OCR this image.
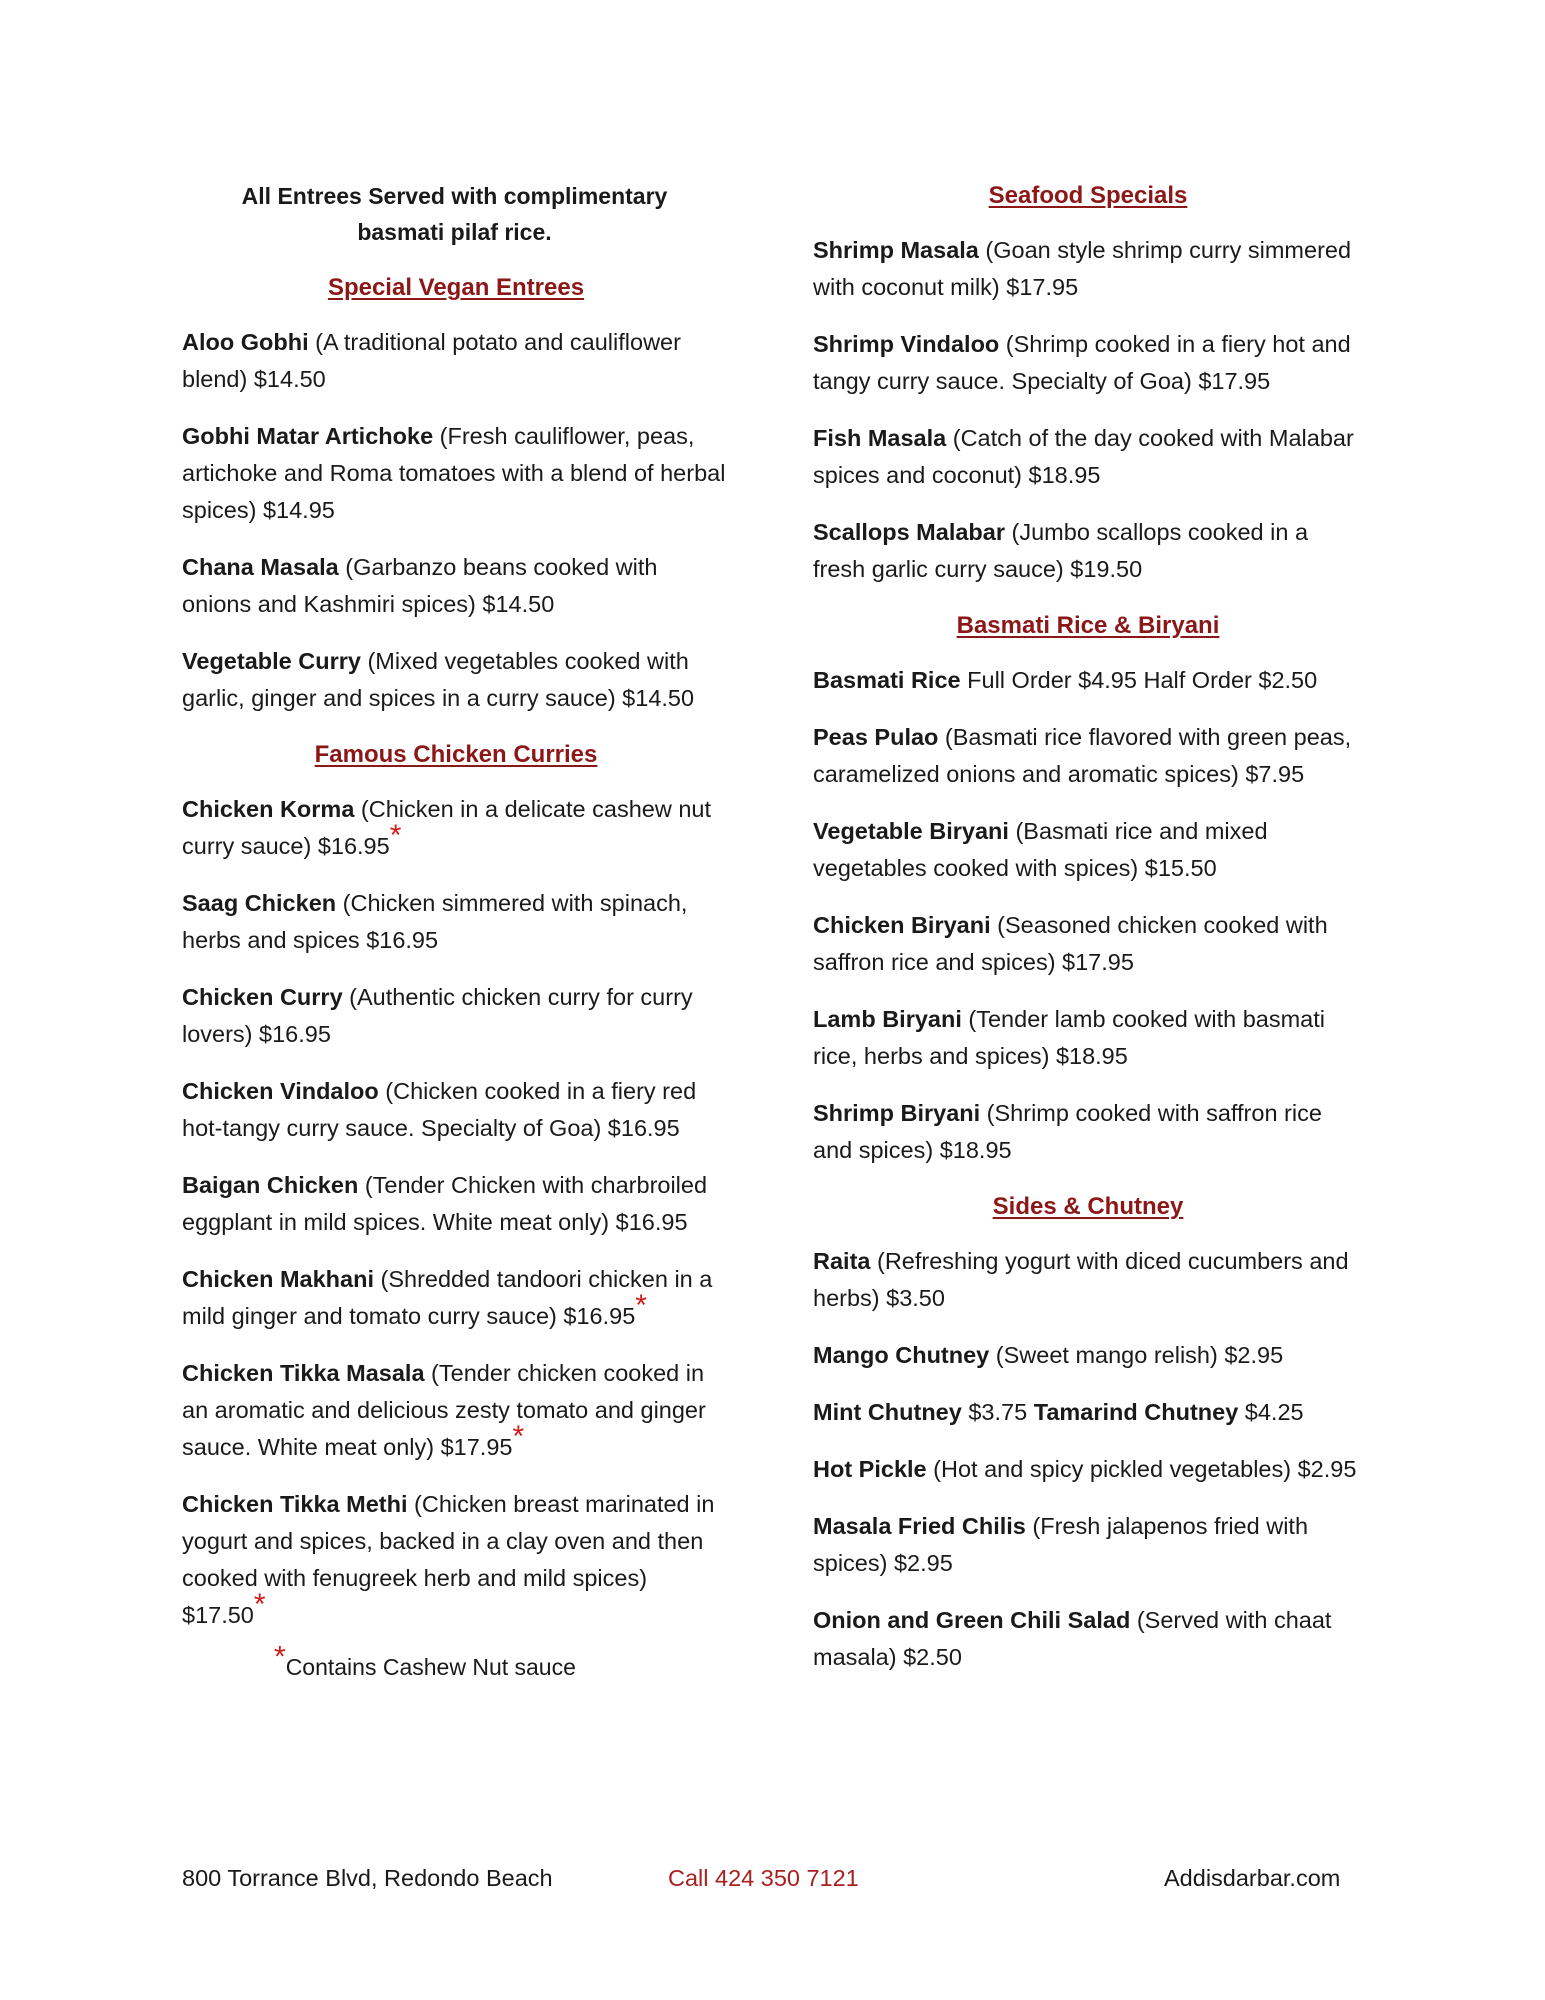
All Entrees Served with complimentary
basmati pilaf rice.
Special Vegan Entrees
Aloo Gobhi (A traditional potato and cauliflower blend) $14.50
Gobhi Matar Artichoke (Fresh cauliflower, peas, artichoke and Roma tomatoes with a blend of herbal spices) $14.95
Chana Masala (Garbanzo beans cooked with onions and Kashmiri spices) $14.50
Vegetable Curry (Mixed vegetables cooked with garlic, ginger and spices in a curry sauce) $14.50
Famous Chicken Curries
Chicken Korma (Chicken in a delicate cashew nut curry sauce) $16.95*
Saag Chicken (Chicken simmered with spinach, herbs and spices $16.95
Chicken Curry (Authentic chicken curry for curry lovers) $16.95
Chicken Vindaloo (Chicken cooked in a fiery red hot-tangy curry sauce. Specialty of Goa) $16.95
Baigan Chicken (Tender Chicken with charbroiled eggplant in mild spices. White meat only) $16.95
Chicken Makhani (Shredded tandoori chicken in a mild ginger and tomato curry sauce) $16.95*
Chicken Tikka Masala (Tender chicken cooked in an aromatic and delicious zesty tomato and ginger sauce. White meat only) $17.95*
Chicken Tikka Methi (Chicken breast marinated in yogurt and spices, backed in a clay oven and then cooked with fenugreek herb and mild spices) $17.50*
*Contains Cashew Nut sauce
Seafood Specials
Shrimp Masala (Goan style shrimp curry simmered with coconut milk) $17.95
Shrimp Vindaloo (Shrimp cooked in a fiery hot and tangy curry sauce. Specialty of Goa) $17.95
Fish Masala (Catch of the day cooked with Malabar spices and coconut) $18.95
Scallops Malabar (Jumbo scallops cooked in a fresh garlic curry sauce) $19.50
Basmati Rice & Biryani
Basmati Rice Full Order $4.95 Half Order $2.50
Peas Pulao (Basmati rice flavored with green peas, caramelized onions and aromatic spices) $7.95
Vegetable Biryani (Basmati rice and mixed vegetables cooked with spices) $15.50
Chicken Biryani (Seasoned chicken cooked with saffron rice and spices) $17.95
Lamb Biryani (Tender lamb cooked with basmati rice, herbs and spices) $18.95
Shrimp Biryani (Shrimp cooked with saffron rice and spices) $18.95
Sides & Chutney
Raita (Refreshing yogurt with diced cucumbers and herbs) $3.50
Mango Chutney (Sweet mango relish) $2.95
Mint Chutney $3.75 Tamarind Chutney $4.25
Hot Pickle (Hot and spicy pickled vegetables) $2.95
Masala Fried Chilis (Fresh jalapenos fried with spices) $2.95
Onion and Green Chili Salad (Served with chaat masala) $2.50
800 Torrance Blvd, Redondo Beach	Call 424 350 7121	Addisdarbar.com
